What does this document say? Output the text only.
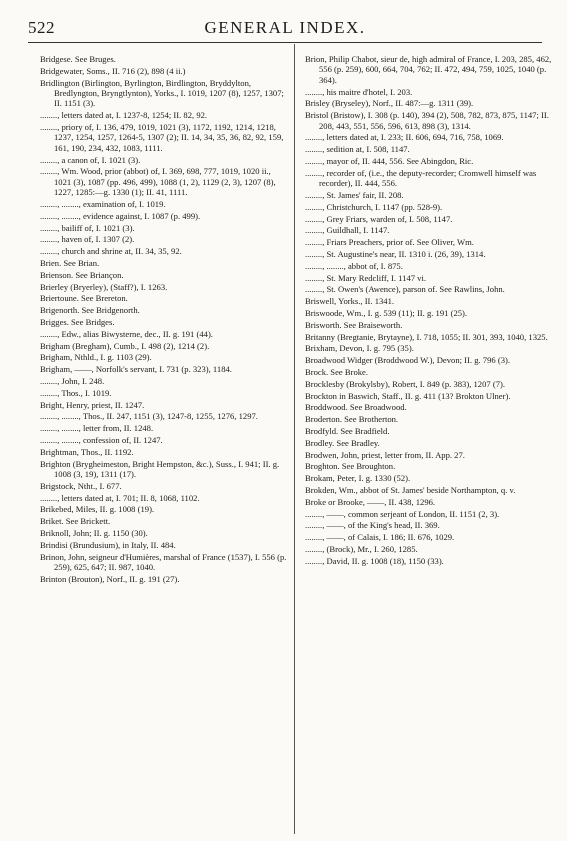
522	GENERAL INDEX.

Bridgese. See Bruges.

Bridgewater, Soms., II. 716 (2), 898 (4 ii.)

Bridlington (Birlington, Byrlington, Birdlington, Bryddylton, Bredlyngton, Bryngtlynton), Yorks., I. 1019, 1207 (8), 1257, 1307; II. 1151 (3).

........, letters dated at, I. 1237-8, 1254; II. 82, 92.

........, priory of, I. 136, 479, 1019, 1021 (3), 1172, 1192, 1214, 1218, 1237, 1254, 1257, 1264-5, 1307 (2); II. 14, 34, 35, 36, 82, 92, 159, 161, 190, 234, 432, 1083, 1111.

........, a canon of, I. 1021 (3).

........, Wm. Wood, prior (abbot) of, I. 369, 698, 777, 1019, 1020 ii., 1021 (3), 1087 (pp. 496, 499), 1088 (1, 2), 1129 (2, 3), 1207 (8), 1227, 1285:—g. 1330 (1); II. 41, 1111.

........, ........, examination of, I. 1019.

........, ........, evidence against, I. 1087 (p. 499).

........, bailiff of, I. 1021 (3).

........, haven of, I. 1307 (2).

........, church and shrine at, II. 34, 35, 92.

Brien. See Brian.

Brienson. See Briançon.

Brierley (Bryerley), (Staff?), I. 1263.

Briertoune. See Brereton.

Brigenorth. See Bridgenorth.

Brigges. See Bridges.

........, Edw., alias Biwysterne, dec., II. g. 191 (44).

Brigham (Bregham), Cumb., I. 498 (2), 1214 (2).

Brigham, Nthld., I. g. 1103 (29).

Brigham, ——, Norfolk's servant, I. 731 (p. 323), 1184.

........, John, I. 248.

........, Thos., I. 1019.

Bright, Henry, priest, II. 1247.

........, ........, Thos., II. 247, 1151 (3), 1247-8, 1255, 1276, 1297.

........, ........, letter from, II. 1248.

........, ........, confession of, II. 1247.

Brightman, Thos., II. 1192.

Brighton (Brygheimeston, Bright Hempston, &c.), Suss., I. 941; II. g. 1008 (3, 19), 1311 (17).

Brigstock, Ntht., I. 677.

........, letters dated at, I. 701; II. 8, 1068, 1102.

Brikebed, Miles, II. g. 1008 (19).

Briket. See Brickett.

Briknoll, John; II. g. 1150 (30).

Brindisi (Brundusium), in Italy, II. 484.

Brinon, John, seigneur d'Humières, marshal of France (1537), I. 556 (p. 259), 625, 647; II. 987, 1040.

Brinton (Brouton), Norf., II. g. 191 (27).

Brion, Philip Chabot, sieur de, high admiral of France, I. 203, 285, 462, 556 (p. 259), 600, 664, 704, 762; II. 472, 494, 759, 1025, 1040 (p. 364).

........, his maitre d'hotel, I. 203.

Brisley (Bryseley), Norf., II. 487:—g. 1311 (39).

Bristol (Bristow), I. 308 (p. 140), 394 (2), 508, 782, 873, 875, 1147; II. 208, 443, 551, 556, 596, 613, 898 (3), 1314.

........, letters dated at, I. 233; II. 606, 694, 716, 758, 1069.

........, sedition at, I. 508, 1147.

........, mayor of, II. 444, 556. See Abingdon, Ric.

........, recorder of, (i.e., the deputy-recorder; Cromwell himself was recorder), II. 444, 556.

........, St. James' fair, II. 208.

........, Christchurch, I. 1147 (pp. 528-9).

........, Grey Friars, warden of, I. 508, 1147.

........, Guildhall, I. 1147.

........, Friars Preachers, prior of. See Oliver, Wm.

........, St. Augustine's near, II. 1310 i. (26, 39), 1314.

........, ........, abbot of, I. 875.

........, St. Mary Redcliff, I. 1147 vi.

........, St. Owen's (Awence), parson of. See Rawlins, John.

Briswell, Yorks., II. 1341.

Briswoode, Wm., I. g. 539 (11); II. g. 191 (25).

Brisworth. See Braiseworth.

Britanny (Bregtanie, Brytayne), I. 718, 1055; II. 301, 393, 1040, 1325.

Brixham, Devon, I. g. 795 (35).

Broadwood Widger (Broddwood W.), Devon; II. g. 796 (3).

Brock. See Broke.

Brocklesby (Brokylsby), Robert, I. 849 (p. 383), 1207 (7).

Brockton in Baswich, Staff., II. g. 411 (13? Brokton Ulner).

Broddwood. See Broadwood.

Broderton. See Brotherton.

Brodfyld. See Bradfield.

Brodley. See Bradley.

Brodwen, John, priest, letter from, II. App. 27.

Broghton. See Broughton.

Brokam, Peter, I. g. 1330 (52).

Brokden, Wm., abbot of St. James' beside Northampton, q. v.

Broke or Brooke, ——, II. 438, 1296.

........, ——, common serjeant of London, II. 1151 (2, 3).

........, ——, of the King's head, II. 369.

........, ——, of Calais, I. 186; II. 676, 1029.

........, (Brock), Mr., I. 260, 1285.

........, David, II. g. 1008 (18), 1150 (33).
